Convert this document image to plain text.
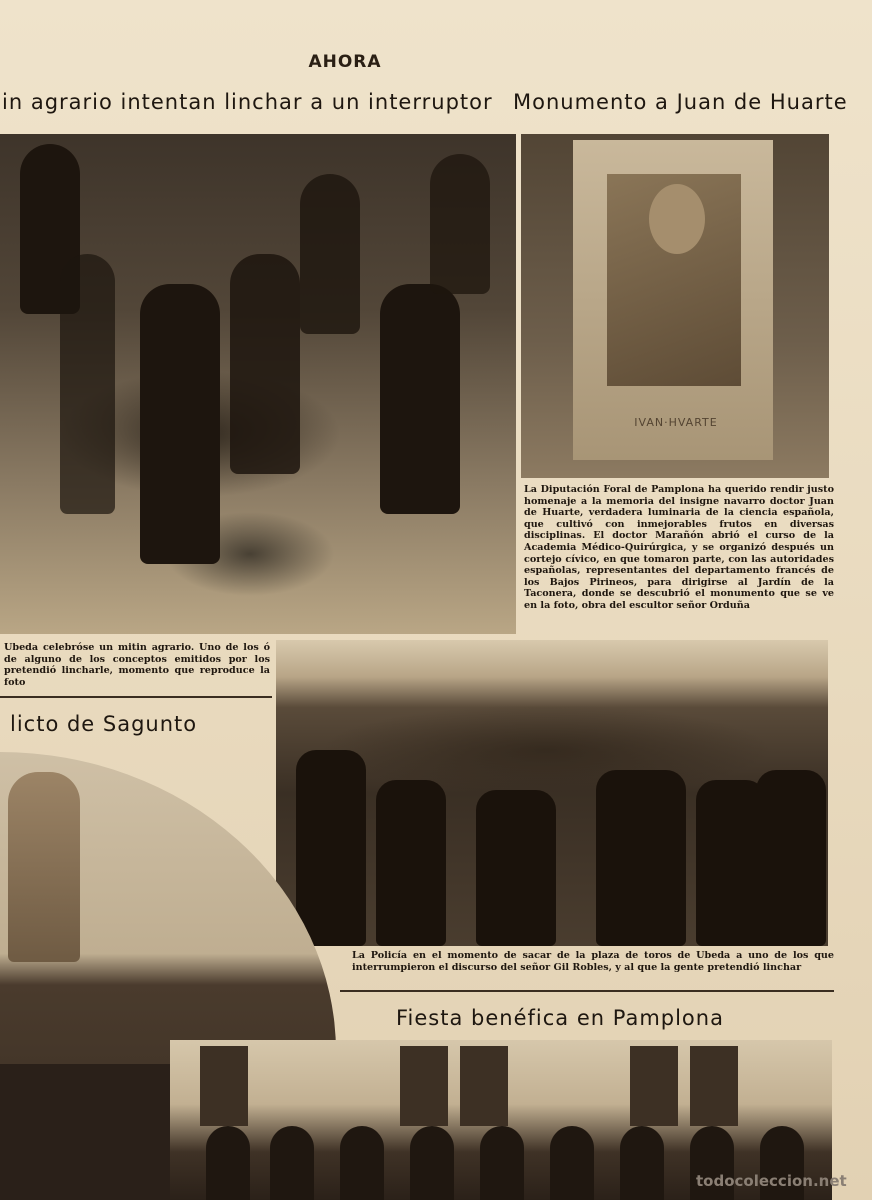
AHORA
in agrario intentan linchar a un interruptor Monumento a Juan de Huarte
IVAN·HVARTE
La Diputación Foral de Pamplona ha querido rendir justo homenaje a la memoria del insigne navarro doctor Juan de Huarte, verdadera luminaria de la ciencia española, que cultivó con inmejorables frutos en diversas disciplinas. El doctor Marañón abrió el curso de la Academia Médico-Quirúrgica, y se organizó después un cortejo cívico, en que tomaron parte, con las autoridades españolas, representantes del departamento francés de los Bajos Pirineos, para dirigirse al Jardín de la Taconera, donde se descubrió el monumento que se ve en la foto, obra del escultor señor Orduña
Ubeda celebróse un mitin agrario. Uno de los ó de alguno de los conceptos emitidos por los pretendió lincharle, momento que reproduce la foto
licto de Sagunto
La Policía en el momento de sacar de la plaza de toros de Ubeda a uno de los que interrumpieron el discurso del señor Gil Robles, y al que la gente pretendió linchar
Fiesta benéfica en Pamplona
todocoleccion.net
